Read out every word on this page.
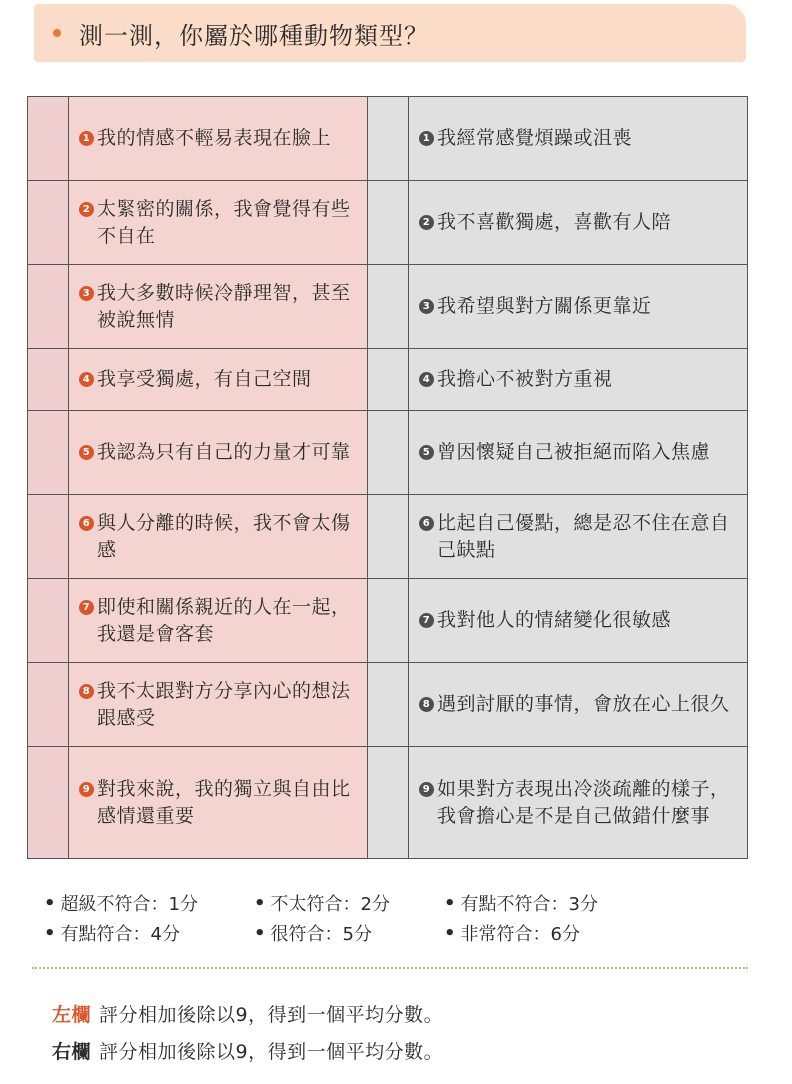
測一測，你屬於哪種動物類型？

1 我的情感不輕易表現在臉上		1 我經常感覺煩躁或沮喪

2 太緊密的關係，我會覺得有些不自在		2 我不喜歡獨處，喜歡有人陪

3 我大多數時候冷靜理智，甚至被說無情		3 我希望與對方關係更靠近

4 我享受獨處，有自己空間		4 我擔心不被對方重視

5 我認為只有自己的力量才可靠		5 曾因懷疑自己被拒絕而陷入焦慮

6 與人分離的時候，我不會太傷感		6 比起自己優點，總是忍不住在意自己缺點

7 即使和關係親近的人在一起， 我還是會客套		7 我對他人的情緒變化很敏感

8 我不太跟對方分享內心的想法跟感受		8 遇到討厭的事情，會放在心上很久

9 對我來說，我的獨立與自由比感情還重要		9 如果對方表現出冷淡疏離的樣子，我會擔心是不是自己做錯什麼事
• 超級不符合：1分	• 不太符合：2分	• 有點不符合：3分
• 有點符合：4分	• 很符合：5分	• 非常符合：6分
左欄 評分相加後除以9，得到一個平均分數。
右欄 評分相加後除以9，得到一個平均分數。
